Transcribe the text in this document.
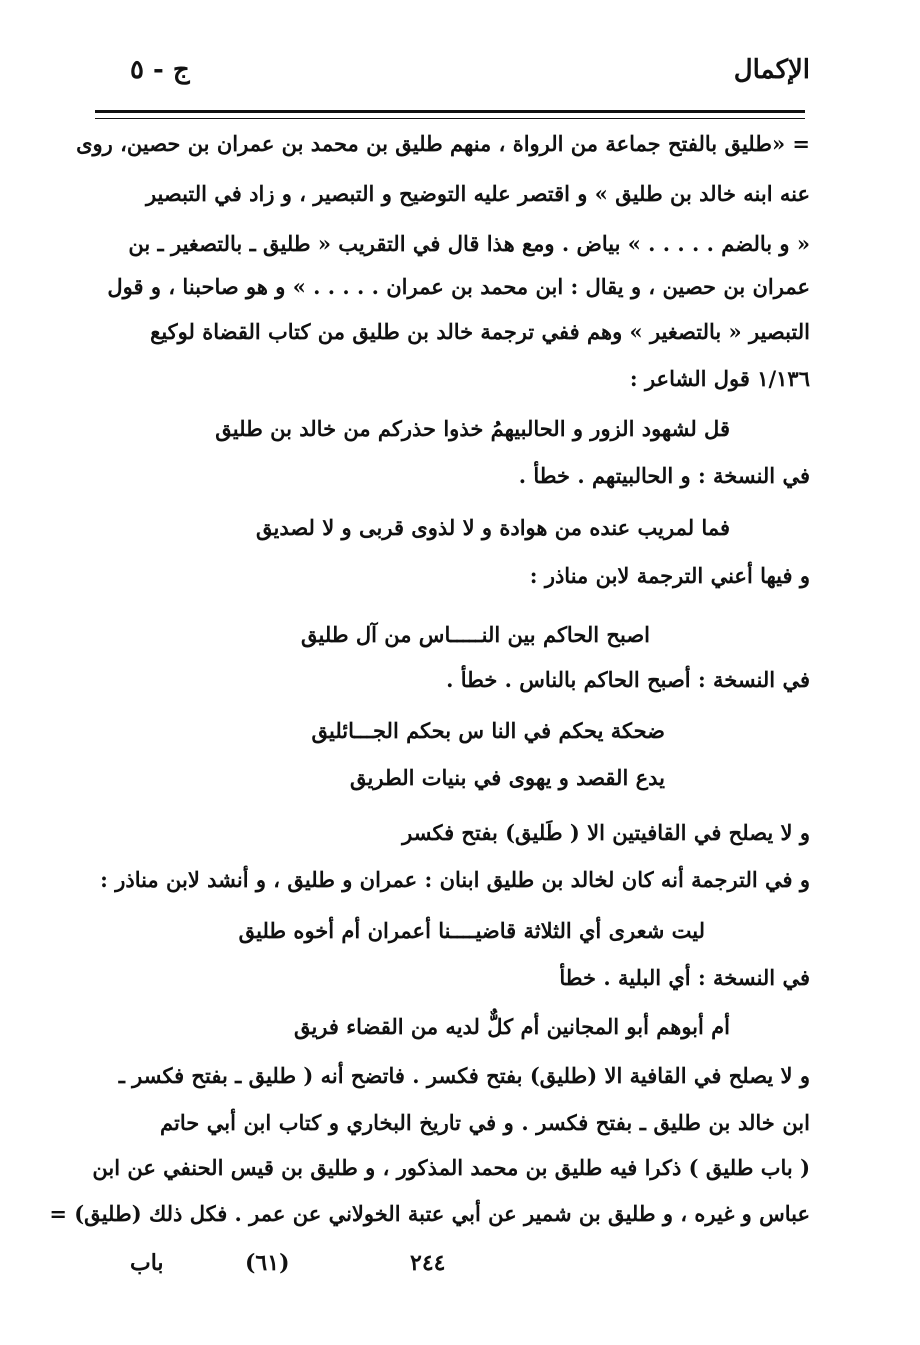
الإكمال
ج - ٥
= «طليق بالفتح جماعة من الرواة ، منهم طليق بن محمد بن عمران بن حصين، روى
عنه ابنه خالد بن طليق » و اقتصر عليه التوضيح و التبصير ، و زاد في التبصير
« و بالضم . . . . . » بياض . ومع هذا قال في التقريب « طليق ـ بالتصغير ـ بن
عمران بن حصين ، و يقال : ابن محمد بن عمران . . . . . » و هو صاحبنا ، و قول
التبصير « بالتصغير » وهم ففي ترجمة خالد بن طليق من كتاب القضاة لوكيع
١/١٣٦ قول الشاعر :
قل لشهود الزور و الحالبيهمُ خذوا حذركم من خالد بن طليق
في النسخة : و الحالبيتهم . خطأ .
فما لمريب عنده من هوادة و لا لذوى قربى و لا لصديق
و فيها أعني الترجمة لابن مناذر :
اصبح الحاكم بين النـــــاس من آل طليق
في النسخة : أصبح الحاكم بالناس . خطأ .
ضحكة يحكم في النا س بحكم الجـــائليق
يدع القصد و يهوى في بنيات الطريق
و لا يصلح في القافيتين الا ( طَليق) بفتح فكسر
و في الترجمة أنه كان لخالد بن طليق ابنان : عمران و طليق ، و أنشد لابن مناذر :
ليت شعرى أي الثلاثة قاضيــــنا أعمران أم أخوه طليق
في النسخة : أي البلية . خطأ
أم أبوهم أبو المجانين أم كلٌّ لديه من القضاء فريق
و لا يصلح في القافية الا (طليق) بفتح فكسر . فاتضح أنه ( طليق ـ بفتح فكسر ـ
ابن خالد بن طليق ـ بفتح فكسر . و في تاريخ البخاري و كتاب ابن أبي حاتم
( باب طليق ) ذكرا فيه طليق بن محمد المذكور ، و طليق بن قيس الحنفي عن ابن
عباس و غيره ، و طليق بن شمير عن أبي عتبة الخولاني عن عمر . فكل ذلك (طليق) =
باب	(٦١)	٢٤٤
